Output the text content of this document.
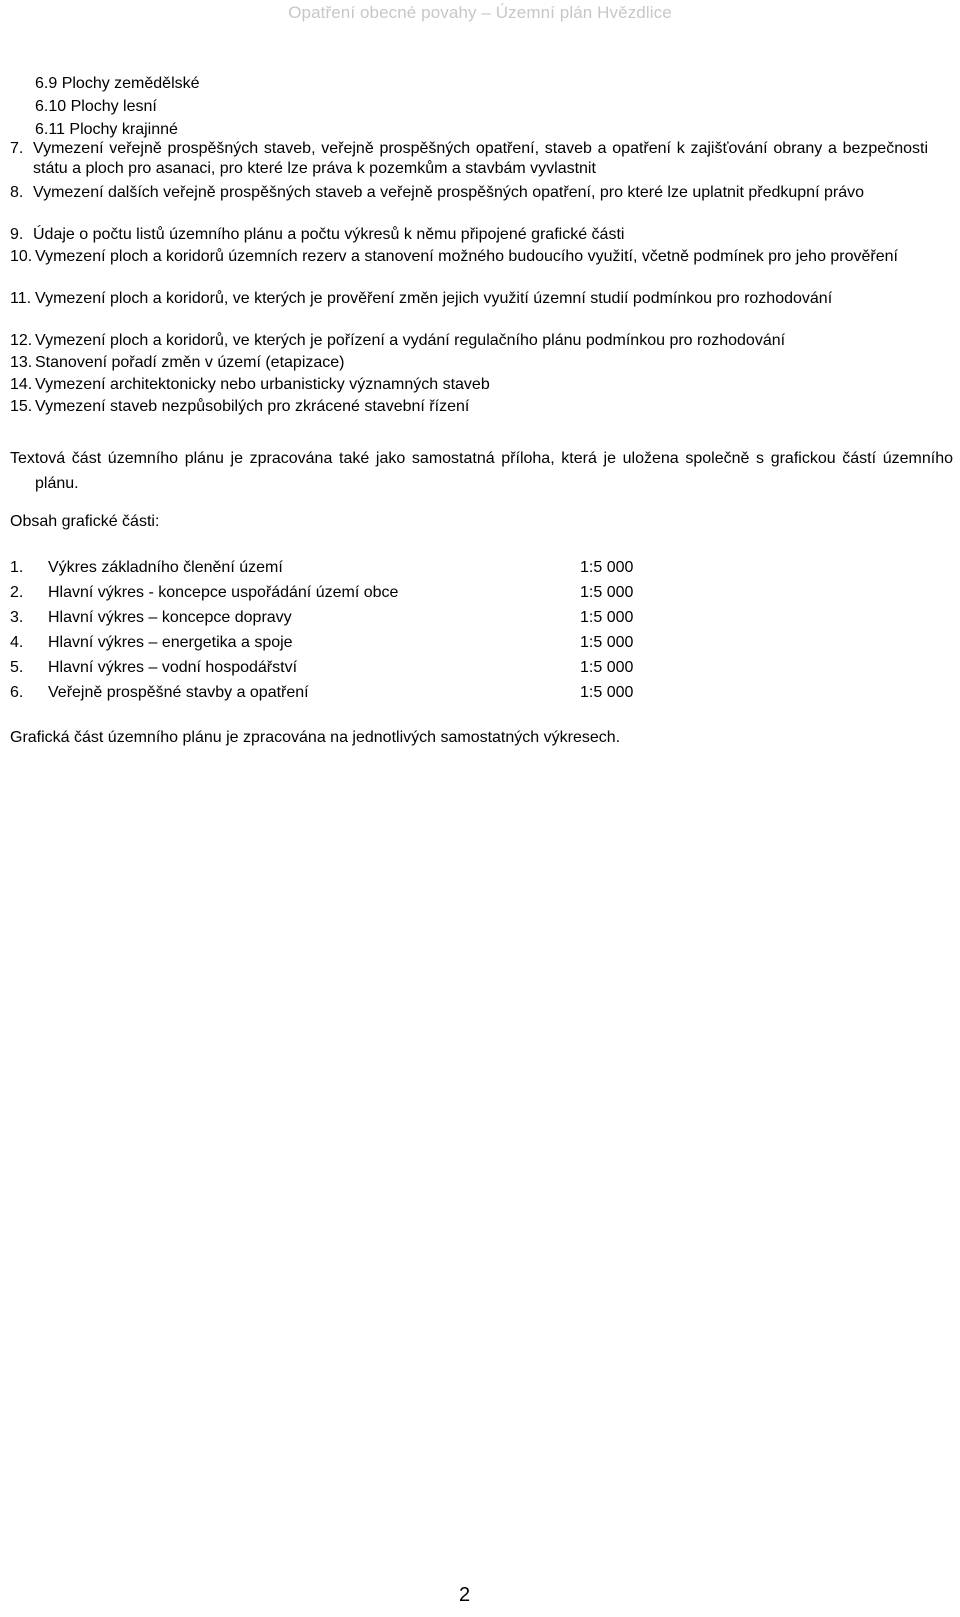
Opatření obecné povahy – Územní plán Hvězdlice
6.9 Plochy zemědělské
6.10 Plochy lesní
6.11 Plochy krajinné
7. Vymezení veřejně prospěšných staveb, veřejně prospěšných opatření, staveb a opatření k zajišťování obrany a bezpečnosti státu a ploch pro asanaci, pro které lze práva k pozemkům a stavbám vyvlastnit
8. Vymezení dalších veřejně prospěšných staveb a veřejně prospěšných opatření, pro které lze uplatnit předkupní právo
9. Údaje o počtu listů územního plánu a počtu výkresů k němu připojené grafické části
10. Vymezení ploch a koridorů územních rezerv a stanovení možného budoucího využití, včetně podmínek pro jeho prověření
11. Vymezení ploch a koridorů, ve kterých je prověření změn jejich využití územní studií podmínkou pro rozhodování
12. Vymezení ploch a koridorů, ve kterých je pořízení a vydání regulačního plánu podmínkou pro rozhodování
13. Stanovení pořadí změn v území (etapizace)
14. Vymezení architektonicky nebo urbanisticky významných staveb
15. Vymezení staveb nezpůsobilých pro zkrácené stavební řízení
Textová část územního plánu je zpracována také jako samostatná příloha, která je uložena společně s grafickou částí územního plánu.
Obsah grafické části:
1. Výkres základního členění území	1:5 000
2. Hlavní výkres - koncepce uspořádání území obce	1:5 000
3. Hlavní výkres – koncepce dopravy	1:5 000
4. Hlavní výkres – energetika a spoje	1:5 000
5. Hlavní výkres – vodní hospodářství	1:5 000
6. Veřejně prospěšné stavby a opatření	1:5 000
Grafická část územního plánu je zpracována na jednotlivých samostatných výkresech.
2
